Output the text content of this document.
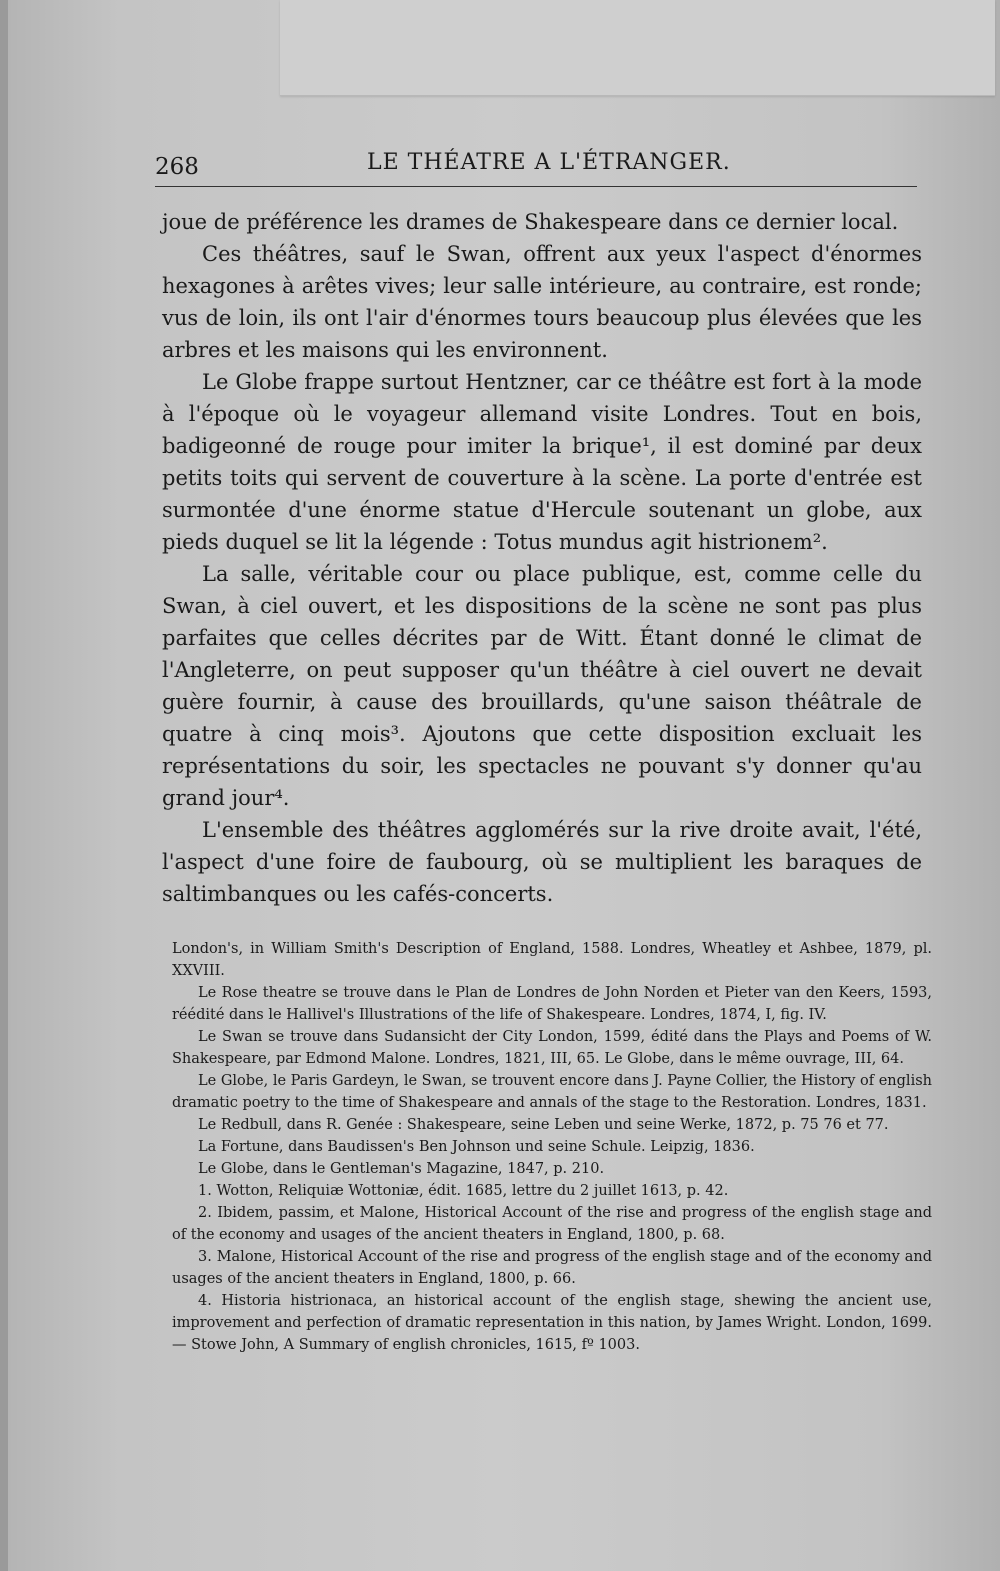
268	LE THÉATRE A L'ÉTRANGER.

joue de préférence les drames de Shakespeare dans ce dernier local.

Ces théâtres, sauf le Swan, offrent aux yeux l'aspect d'énormes hexagones à arêtes vives; leur salle intérieure, au contraire, est ronde; vus de loin, ils ont l'air d'énormes tours beaucoup plus élevées que les arbres et les maisons qui les environnent.

Le Globe frappe surtout Hentzner, car ce théâtre est fort à la mode à l'époque où le voyageur allemand visite Londres. Tout en bois, badigeonné de rouge pour imiter la brique¹, il est dominé par deux petits toits qui servent de couverture à la scène. La porte d'entrée est surmontée d'une énorme statue d'Hercule soutenant un globe, aux pieds duquel se lit la légende : Totus mundus agit histrionem².

La salle, véritable cour ou place publique, est, comme celle du Swan, à ciel ouvert, et les dispositions de la scène ne sont pas plus parfaites que celles décrites par de Witt. Étant donné le climat de l'Angleterre, on peut supposer qu'un théâtre à ciel ouvert ne devait guère fournir, à cause des brouillards, qu'une saison théâtrale de quatre à cinq mois³. Ajoutons que cette disposition excluait les représentations du soir, les spectacles ne pouvant s'y donner qu'au grand jour⁴.

L'ensemble des théâtres agglomérés sur la rive droite avait, l'été, l'aspect d'une foire de faubourg, où se multiplient les baraques de saltimbanques ou les cafés-concerts.

London's, in William Smith's Description of England, 1588. Londres, Wheatley et Ashbee, 1879, pl. XXVIII.

Le Rose theatre se trouve dans le Plan de Londres de John Norden et Pieter van den Keers, 1593, réédité dans le Hallivel's Illustrations of the life of Shakespeare. Londres, 1874, I, fig. IV.

Le Swan se trouve dans Sudansicht der City London, 1599, édité dans the Plays and Poems of W. Shakespeare, par Edmond Malone. Londres, 1821, III, 65. Le Globe, dans le même ouvrage, III, 64.

Le Globe, le Paris Gardeyn, le Swan, se trouvent encore dans J. Payne Collier, the History of english dramatic poetry to the time of Shakespeare and annals of the stage to the Restoration. Londres, 1831.

Le Redbull, dans R. Genée : Shakespeare, seine Leben und seine Werke, 1872, p. 75 76 et 77.

La Fortune, dans Baudissen's Ben Johnson und seine Schule. Leipzig, 1836.

Le Globe, dans le Gentleman's Magazine, 1847, p. 210.

1. Wotton, Reliquiæ Wottoniæ, édit. 1685, lettre du 2 juillet 1613, p. 42.

2. Ibidem, passim, et Malone, Historical Account of the rise and progress of the english stage and of the economy and usages of the ancient theaters in England, 1800, p. 68.

3. Malone, Historical Account of the rise and progress of the english stage and of the economy and usages of the ancient theaters in England, 1800, p. 66.

4. Historia histrionaca, an historical account of the english stage, shewing the ancient use, improvement and perfection of dramatic representation in this nation, by James Wright. London, 1699. — Stowe John, A Summary of english chronicles, 1615, fº 1003.
